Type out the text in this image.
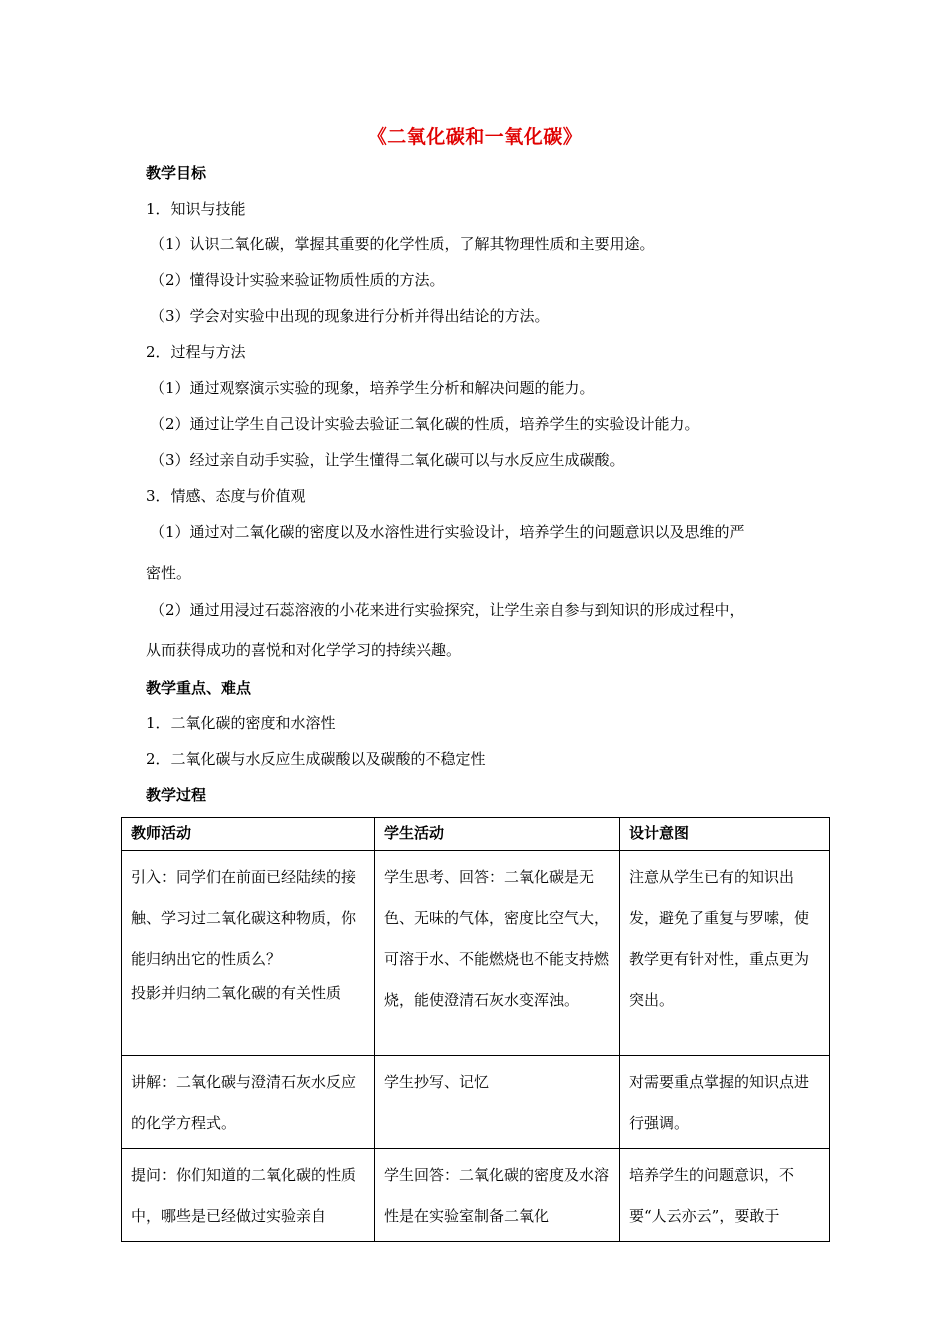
《二氧化碳和一氧化碳》
教学目标
1．知识与技能
（1）认识二氧化碳，掌握其重要的化学性质，了解其物理性质和主要用途。
（2）懂得设计实验来验证物质性质的方法。
（3）学会对实验中出现的现象进行分析并得出结论的方法。
2．过程与方法
（1）通过观察演示实验的现象，培养学生分析和解决问题的能力。
（2）通过让学生自己设计实验去验证二氧化碳的性质，培养学生的实验设计能力。
（3）经过亲自动手实验，让学生懂得二氧化碳可以与水反应生成碳酸。
3．情感、态度与价值观
（1）通过对二氧化碳的密度以及水溶性进行实验设计，培养学生的问题意识以及思维的严
密性。
（2）通过用浸过石蕊溶液的小花来进行实验探究，让学生亲自参与到知识的形成过程中，
从而获得成功的喜悦和对化学学习的持续兴趣。
教学重点、难点
1．二氧化碳的密度和水溶性
2．二氧化碳与水反应生成碳酸以及碳酸的不稳定性
教学过程
教师活动	学生活动	设计意图

引入：同学们在前面已经陆续的接触、学习过二氧化碳这种物质，你能归纳出它的性质么？
投影并归纳二氧化碳的有关性质	学生思考、回答：二氧化碳是无色、无味的气体，密度比空气大，可溶于水、不能燃烧也不能支持燃烧，能使澄清石灰水变浑浊。	注意从学生已有的知识出发，避免了重复与罗嗦，使教学更有针对性，重点更为突出。
讲解：二氧化碳与澄清石灰水反应的化学方程式。	学生抄写、记忆	对需要重点掌握的知识点进行强调。
提问：你们知道的二氧化碳的性质中，哪些是已经做过实验亲自	学生回答：二氧化碳的密度及水溶性是在实验室制备二氧化	培养学生的问题意识，不要“人云亦云”，要敢于
